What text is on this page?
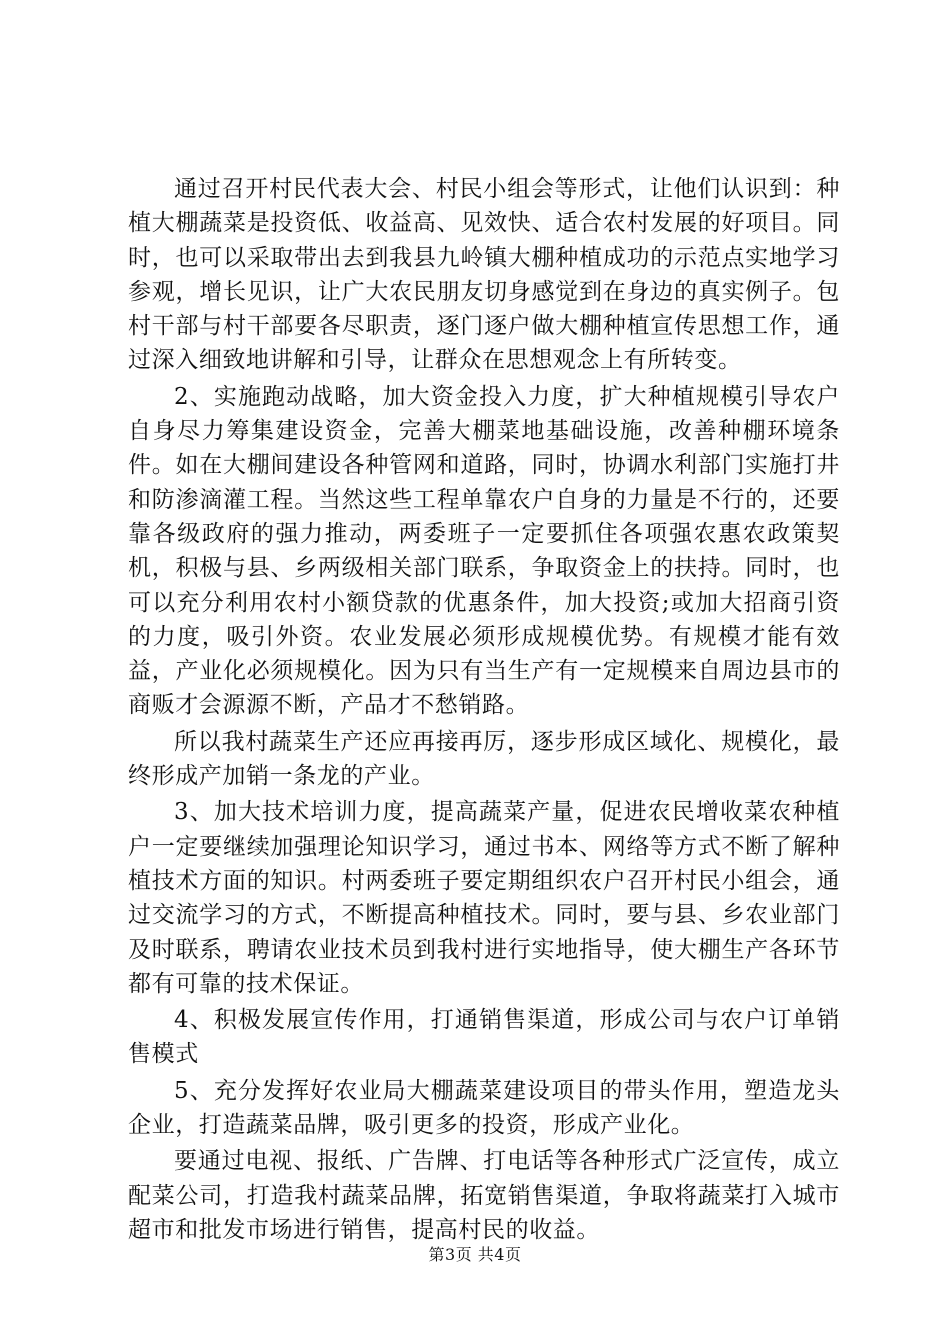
通过召开村民代表大会、村民小组会等形式，让他们认识到：种植大棚蔬菜是投资低、收益高、见效快、适合农村发展的好项目。同时，也可以采取带出去到我县九岭镇大棚种植成功的示范点实地学习参观，增长见识，让广大农民朋友切身感觉到在身边的真实例子。包村干部与村干部要各尽职责，逐门逐户做大棚种植宣传思想工作，通过深入细致地讲解和引导，让群众在思想观念上有所转变。

2、实施跑动战略，加大资金投入力度，扩大种植规模引导农户自身尽力筹集建设资金，完善大棚菜地基础设施，改善种棚环境条件。如在大棚间建设各种管网和道路，同时，协调水利部门实施打井和防渗滴灌工程。当然这些工程单靠农户自身的力量是不行的，还要靠各级政府的强力推动，两委班子一定要抓住各项强农惠农政策契机，积极与县、乡两级相关部门联系，争取资金上的扶持。同时，也可以充分利用农村小额贷款的优惠条件，加大投资;或加大招商引资的力度，吸引外资。农业发展必须形成规模优势。有规模才能有效益，产业化必须规模化。因为只有当生产有一定规模来自周边县市的商贩才会源源不断，产品才不愁销路。

所以我村蔬菜生产还应再接再厉，逐步形成区域化、规模化，最终形成产加销一条龙的产业。

3、加大技术培训力度，提高蔬菜产量，促进农民增收菜农种植户一定要继续加强理论知识学习，通过书本、网络等方式不断了解种植技术方面的知识。村两委班子要定期组织农户召开村民小组会，通过交流学习的方式，不断提高种植技术。同时，要与县、乡农业部门及时联系，聘请农业技术员到我村进行实地指导，使大棚生产各环节都有可靠的技术保证。

4、积极发展宣传作用，打通销售渠道，形成公司与农户订单销售模式

5、充分发挥好农业局大棚蔬菜建设项目的带头作用，塑造龙头企业，打造蔬菜品牌，吸引更多的投资，形成产业化。

要通过电视、报纸、广告牌、打电话等各种形式广泛宣传，成立配菜公司，打造我村蔬菜品牌，拓宽销售渠道，争取将蔬菜打入城市超市和批发市场进行销售，提高村民的收益。

第3页 共4页
